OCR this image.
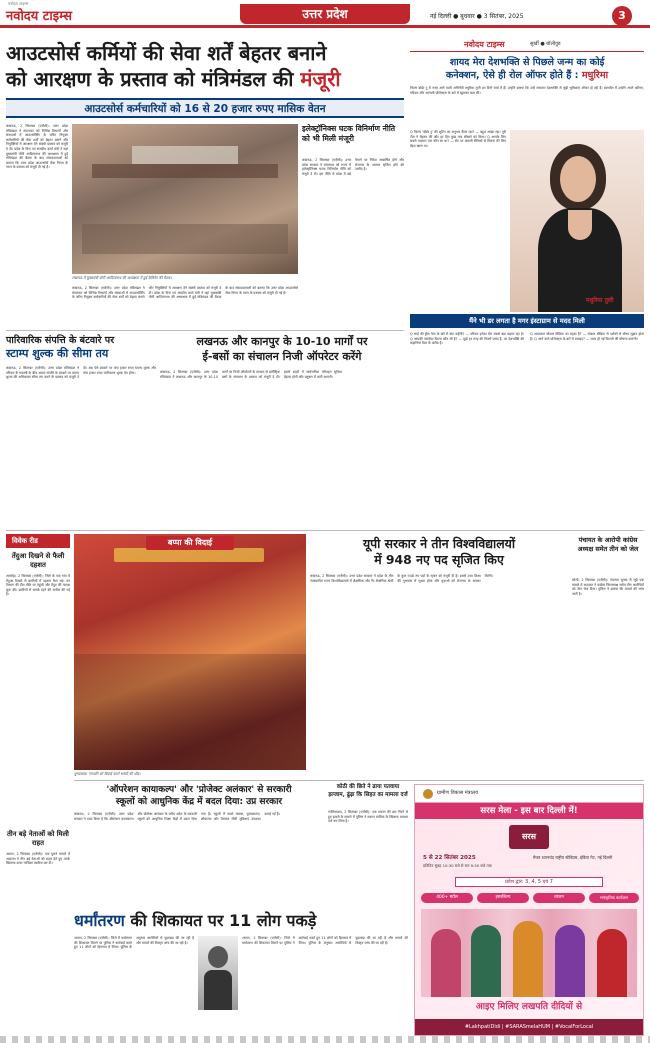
नवोदय टाइम्स
नवोदय टाइम्स	उत्तर प्रदेश	नई दिल्ली ● बुधवार ● 3 सितंबर, 2025	3
आउटसोर्स कर्मियों की सेवा शर्तें बेहतर बनाने
को आरक्षण के प्रस्ताव को मंत्रिमंडल की मंजूरी
आउटसोर्स कर्मचारियों को 16 से 20 हजार रुपए मासिक वेतन
लखनऊ, 2 सितम्बर (एजेंसी): उत्तर प्रदेश मंत्रिमंडल ने मंगलवार को विभिन्न विभागों और संस्थाओं में आउटसोर्सिंग के जरिए नियुक्त कर्मचारियों की सेवा शर्तों को बेहतर बनाने और नियुक्तियों में आरक्षण देने संबंधी प्रस्ताव को मंजूरी दे दी। प्रदेश के वित्त एवं संसदीय कार्य मंत्री ने यहां मुख्यमंत्री योगी आदित्यनाथ की अध्यक्षता में हुई मंत्रिमंडल की बैठक के बाद संवाददाताओं को बताया कि उत्तर प्रदेश आउटसोर्स सेवा निगम के गठन के प्रस्ताव को मंजूरी दी गई है।
लखनऊ में मुख्यमंत्री योगी आदित्यनाथ की अध्यक्षता में हुई कैबिनेट की बैठक।
लखनऊ, 2 सितम्बर (एजेंसी): उत्तर प्रदेश मंत्रिमंडल ने मंगलवार को विभिन्न विभागों और संस्थाओं में आउटसोर्सिंग के जरिए नियुक्त कर्मचारियों की सेवा शर्तों को बेहतर बनाने और नियुक्तियों में आरक्षण देने संबंधी प्रस्ताव को मंजूरी दे दी। प्रदेश के वित्त एवं संसदीय कार्य मंत्री ने यहां मुख्यमंत्री योगी आदित्यनाथ की अध्यक्षता में हुई मंत्रिमंडल की बैठक के बाद संवाददाताओं को बताया कि उत्तर प्रदेश आउटसोर्स सेवा निगम के गठन के प्रस्ताव को मंजूरी दी गई है।
इलेक्ट्रॉनिक्स घटक विनिर्माण नीति को भी मिली मंजूरी
लखनऊ, 2 सितम्बर (एजेंसी): उत्तर प्रदेश सरकार ने मंगलवार को राज्य में इलेक्ट्रॉनिक्स घटक विनिर्माण नीति को मंजूरी दे दी। इस नीति से प्रदेश में बड़े पैमाने पर निवेश आकर्षित होने और रोजगार के अवसर सृजित होने की उम्मीद है।
पारिवारिक संपत्ति के बंटवारे पर
स्टाम्प शुल्क की सीमा तय
लखनऊ, 2 सितम्बर (एजेंसी): उत्तर प्रदेश मंत्रिमंडल ने परिवार के सदस्यों के बीच अचल संपत्ति के बंटवारे पर स्टाम्प शुल्क की अधिकतम सीमा तय करने के प्रस्ताव को मंजूरी दे दी। अब ऐसे बंटवारे पर पांच हजार रुपए स्टाम्प शुल्क और पांच हजार रुपए पंजीकरण शुल्क देय होगा।
लखनऊ और कानपुर के 10-10 मार्गों पर
ई-बसों का संचालन निजी ऑपरेटर करेंगे
लखनऊ, 2 सितम्बर (एजेंसी): उत्तर प्रदेश मंत्रिमंडल ने लखनऊ और कानपुर के 10-10 मार्गों पर निजी ऑपरेटरों के माध्यम से इलेक्ट्रिक बसों के संचालन के प्रस्ताव को मंजूरी दे दी। इससे शहरों में सार्वजनिक परिवहन सुविधा बेहतर होगी और प्रदूषण में कमी आएगी।
नवोदय टाइम्स	सुर्खी ● बॉलीवुड
शायद मेरा देशभक्ति से पिछले जन्म का कोई
कनेक्शन, ऐसे ही रोल ऑफर होते हैं : मधुरिमा
फिल्म बोर्डर टू में नजर आने वाली अभिनेत्री मधुरिमा तुली इन दिनों चर्चा में हैं। उन्होंने बताया कि उन्हें लगातार देशभक्ति से जुड़ी भूमिकाएं ऑफर हो रही हैं। बातचीत में उन्होंने अपने करियर, परिवार और आगामी प्रोजेक्ट्स के बारे में खुलकर बात की।
Q फिल्म 'बॉर्डर टू' की शूटिंग का अनुभव कैसा रहा? — बहुत अच्छा रहा। पूरी टीम ने मेहनत की और हर दिन कुछ नया सीखने को मिला। Q आपके लिए सबसे यादगार पल कौन सा था? — सेट पर असली सैनिकों से मिलना मेरे लिए बेहद खास था।
मधुरिमा तुली
मैंने भी डर लगता है मगर इंस्टाग्राम से मदद मिली
Q भाई की ड्रीम नेता के बारे में क्या कहेंगी? — परिवार हमेशा मेरा सबसे बड़ा सहारा रहा है। Q आपकी पसंदीदा फिल्म कौन सी है? — मुझे हर तरह की फिल्में पसंद हैं, पर देशभक्ति की कहानियां दिल के करीब हैं।
Q आजकल सोशल मीडिया का महत्व है? — सोशल मीडिया से दर्शकों से सीधा जुड़ाव होता है। Q आने वाले प्रोजेक्ट्स के बारे में बताइए? — जल्द ही नई फिल्मों की घोषणा करूंगी।
विवेक रीड
तेंदुआ दिखने से फैली दहशत
अमरोहा, 2 सितम्बर (एजेंसी): जिले के एक गांव में तेंदुआ दिखने से ग्रामीणों में दहशत फैल गई। वन विभाग की टीम मौके पर पहुंची और तेंदुए की तलाश शुरू की। ग्रामीणों से सतर्क रहने की अपील की गई है।
तीन बड़े नेताओं को मिली राहत
आगरा, 2 सितम्बर (एजेंसी): एक पुराने मामले में अदालत ने तीन बड़े नेताओं को राहत देते हुए उनके खिलाफ दायर याचिका खारिज कर दी।
बप्पा की विदाई
मुरादाबाद: गणपति को बिदाई करते भक्तों की भीड़।
यूपी सरकार ने तीन विश्वविद्यालयों
में 948 नए पद सृजित किए
लखनऊ, 2 सितम्बर (एजेंसी): उत्तर प्रदेश सरकार ने प्रदेश के तीन नवस्थापित राज्य विश्वविद्यालयों में शैक्षणिक और गैर शैक्षणिक श्रेणी के कुल 948 नए पदों के सृजन को मंजूरी दी है। इससे उच्च शिक्षा की गुणवत्ता में सुधार होगा और युवाओं को रोजगार के अवसर मिलेंगे।
पंचायत के आरोपी कांग्रेस अध्यक्ष समेत तीन को जेल
बरेली, 2 सितम्बर (एजेंसी): पंचायत चुनाव से जुड़े एक मामले में अदालत ने कांग्रेस जिलाध्यक्ष समेत तीन आरोपियों को जेल भेज दिया। पुलिस ने बताया कि मामले की जांच जारी है।
'ऑपरेशन कायाकल्प' और 'प्रोजेक्ट अलंकार' से सरकारी
स्कूलों को आधुनिक केंद्र में बदल दिया: उप्र सरकार
लखनऊ, 2 सितम्बर (एजेंसी): उत्तर प्रदेश सरकार ने दावा किया है कि ऑपरेशन कायाकल्प और प्रोजेक्ट अलंकार के जरिए प्रदेश के सरकारी स्कूलों को आधुनिक शिक्षा केंद्रों में बदल दिया गया है। स्कूलों में स्मार्ट क्लास, पुस्तकालय, शौचालय और पेयजल जैसी सुविधाएं उपलब्ध कराई गई हैं।
कोठी की छिते ने ढाया पतवाया इल्जाम, ढूंढ़ा कि सिहत का मामला दर्ज
गाजियाबाद, 2 सितम्बर (एजेंसी): एक मकान की छत गिरने से हुए हादसे के मामले में पुलिस ने मकान मालिक के खिलाफ मामला दर्ज कर लिया है।
धर्मांतरण की शिकायत पर 11 लोग पकड़े
आगरा, 2 सितम्बर (एजेंसी): जिले में धर्मांतरण की शिकायत मिलने पर पुलिस ने कार्रवाई करते हुए 11 लोगों को हिरासत में लिया। पुलिस के अनुसार आरोपियों से पूछताछ की जा रही है और मामले की विस्तृत जांच की जा रही है।
आगरा, 2 सितम्बर (एजेंसी): जिले में धर्मांतरण की शिकायत मिलने पर पुलिस ने कार्रवाई करते हुए 11 लोगों को हिरासत में लिया। पुलिस के अनुसार आरोपियों से पूछताछ की जा रही है और मामले की विस्तृत जांच की जा रही है।
ग्रामीण विकास मंत्रालय
सरस मेला - इस बार दिल्ली में!
सरस
5 से 22 सितंबर 2025
प्रतिदिन सुबह 10:30 बजे से रात 9:30 बजे तक
मेजर ध्यानचंद राष्ट्रीय स्टेडियम, इंडिया गेट, नई दिल्ली
प्रवेश द्वार: 3, 4, 5 एवं 7
400+ स्टॉल	हस्तशिल्प	व्यंजन	सांस्कृतिक कार्यक्रम
आइए मिलिए लखपति दीदियों से
#LakhpatiDidi | #SARASmelaHUM | #VocalForLocal
